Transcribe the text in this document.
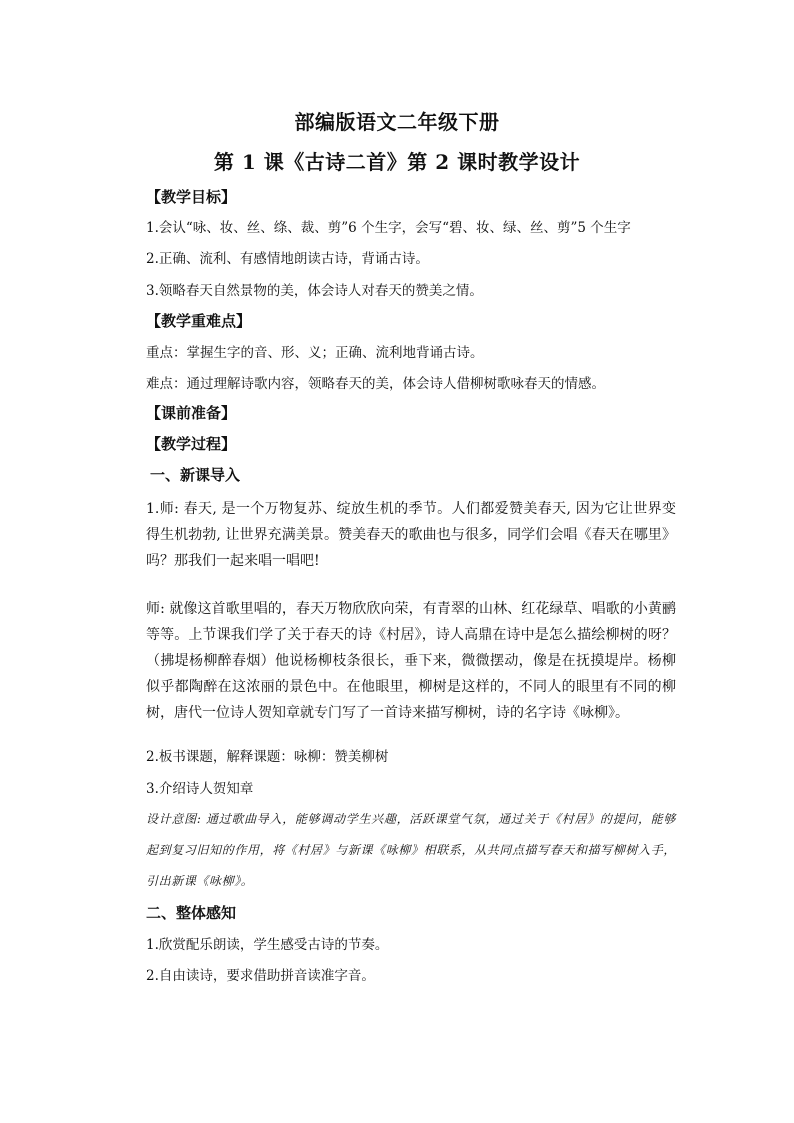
部编版语文二年级下册
第 1 课《古诗二首》第 2 课时教学设计
【教学目标】
1.会认“咏、妆、丝、绦、裁、剪”6 个生字，会写“碧、妆、绿、丝、剪”5 个生字
2.正确、流利、有感情地朗读古诗，背诵古诗。
3.领略春天自然景物的美，体会诗人对春天的赞美之情。
【教学重难点】
重点：掌握生字的音、形、义；正确、流利地背诵古诗。
难点：通过理解诗歌内容，领略春天的美，体会诗人借柳树歌咏春天的情感。
【课前准备】
【教学过程】
一、新课导入
1.师: 春天, 是一个万物复苏、绽放生机的季节。人们都爱赞美春天, 因为它让世界变得生机勃勃, 让世界充满美景。赞美春天的歌曲也与很多，同学们会唱《春天在哪里》吗？那我们一起来唱一唱吧!
师: 就像这首歌里唱的，春天万物欣欣向荣，有青翠的山林、红花绿草、唱歌的小黄鹂等等。上节课我们学了关于春天的诗《村居》，诗人高鼎在诗中是怎么描绘柳树的呀？（拂堤杨柳醉春烟）他说杨柳枝条很长，垂下来，微微摆动，像是在抚摸堤岸。杨柳似乎都陶醉在这浓丽的景色中。在他眼里，柳树是这样的，不同人的眼里有不同的柳树，唐代一位诗人贺知章就专门写了一首诗来描写柳树，诗的名字诗《咏柳》。
2.板书课题，解释课题：咏柳：赞美柳树
3.介绍诗人贺知章
设计意图: 通过歌曲导入，能够调动学生兴趣，活跃课堂气氛，通过关于《村居》的提问，能够起到复习旧知的作用，将《村居》与新课《咏柳》相联系，从共同点描写春天和描写柳树入手，引出新课《咏柳》。
二、整体感知
1.欣赏配乐朗读，学生感受古诗的节奏。
2.自由读诗，要求借助拼音读准字音。
